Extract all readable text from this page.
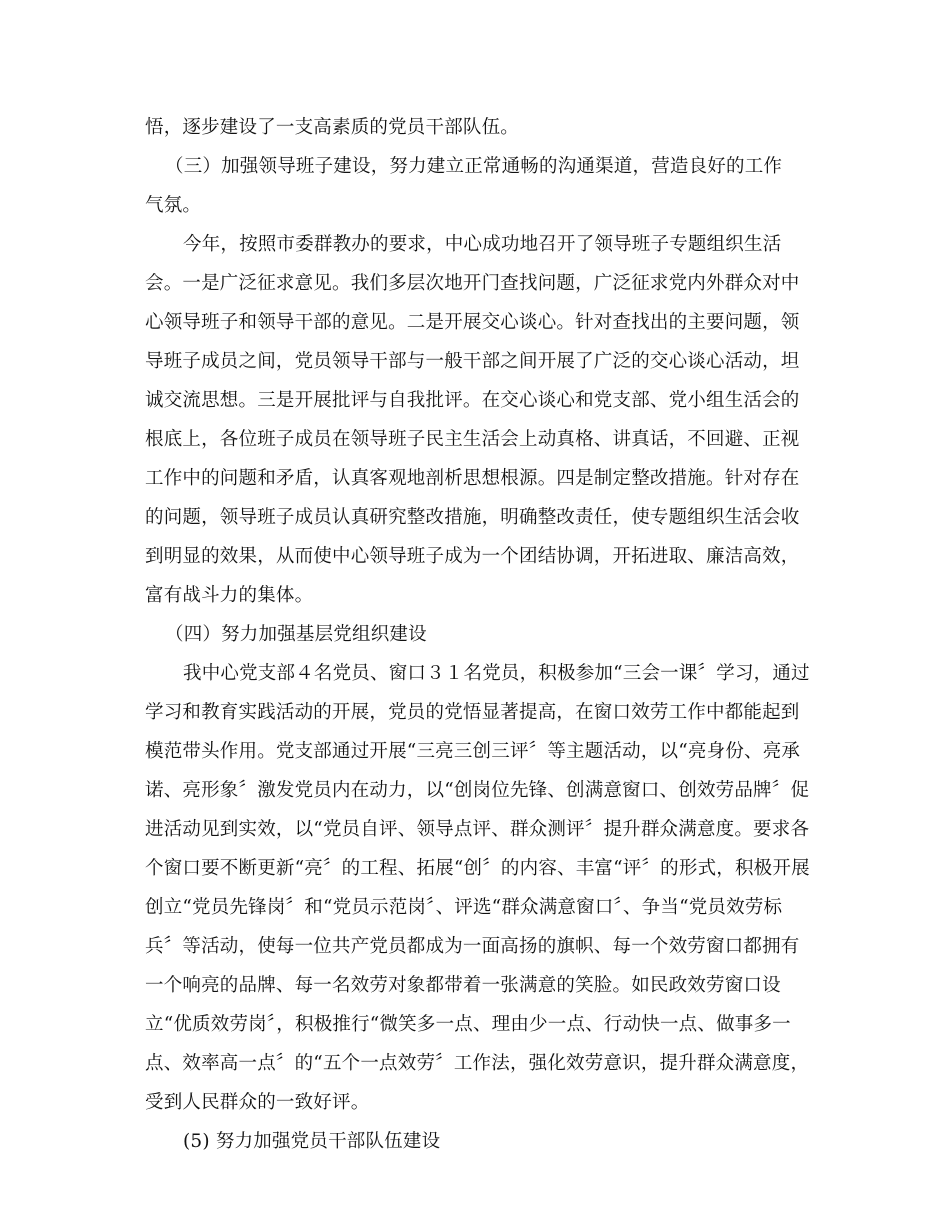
悟，逐步建设了一支高素质的党员干部队伍。
（三）加强领导班子建设，努力建立正常通畅的沟通渠道，营造良好的工作
气氛。
今年，按照市委群教办的要求，中心成功地召开了领导班子专题组织生活
会。一是广泛征求意见。我们多层次地开门查找问题，广泛征求党内外群众对中
心领导班子和领导干部的意见。二是开展交心谈心。针对查找出的主要问题，领
导班子成员之间，党员领导干部与一般干部之间开展了广泛的交心谈心活动，坦
诚交流思想。三是开展批评与自我批评。在交心谈心和党支部、党小组生活会的
根底上，各位班子成员在领导班子民主生活会上动真格、讲真话，不回避、正视
工作中的问题和矛盾，认真客观地剖析思想根源。四是制定整改措施。针对存在
的问题，领导班子成员认真研究整改措施，明确整改责任，使专题组织生活会收
到明显的效果，从而使中心领导班子成为一个团结协调，开拓进取、廉洁高效，
富有战斗力的集体。
（四）努力加强基层党组织建设
我中心党支部４名党员、窗口３１名党员，积极参加“三会一课〞学习，通过
学习和教育实践活动的开展，党员的党悟显著提高，在窗口效劳工作中都能起到
模范带头作用。党支部通过开展“三亮三创三评〞等主题活动，以“亮身份、亮承
诺、亮形象〞激发党员内在动力，以“创岗位先锋、创满意窗口、创效劳品牌〞促
进活动见到实效，以“党员自评、领导点评、群众测评〞提升群众满意度。要求各
个窗口要不断更新“亮〞的工程、拓展“创〞的内容、丰富“评〞的形式，积极开展
创立“党员先锋岗〞和“党员示范岗〞、评选“群众满意窗口〞、争当“党员效劳标
兵〞等活动，使每一位共产党员都成为一面高扬的旗帜、每一个效劳窗口都拥有
一个响亮的品牌、每一名效劳对象都带着一张满意的笑脸。如民政效劳窗口设
立“优质效劳岗〞，积极推行“微笑多一点、理由少一点、行动快一点、做事多一
点、效率高一点〞的“五个一点效劳〞工作法，强化效劳意识，提升群众满意度，
受到人民群众的一致好评。
(5) 努力加强党员干部队伍建设
